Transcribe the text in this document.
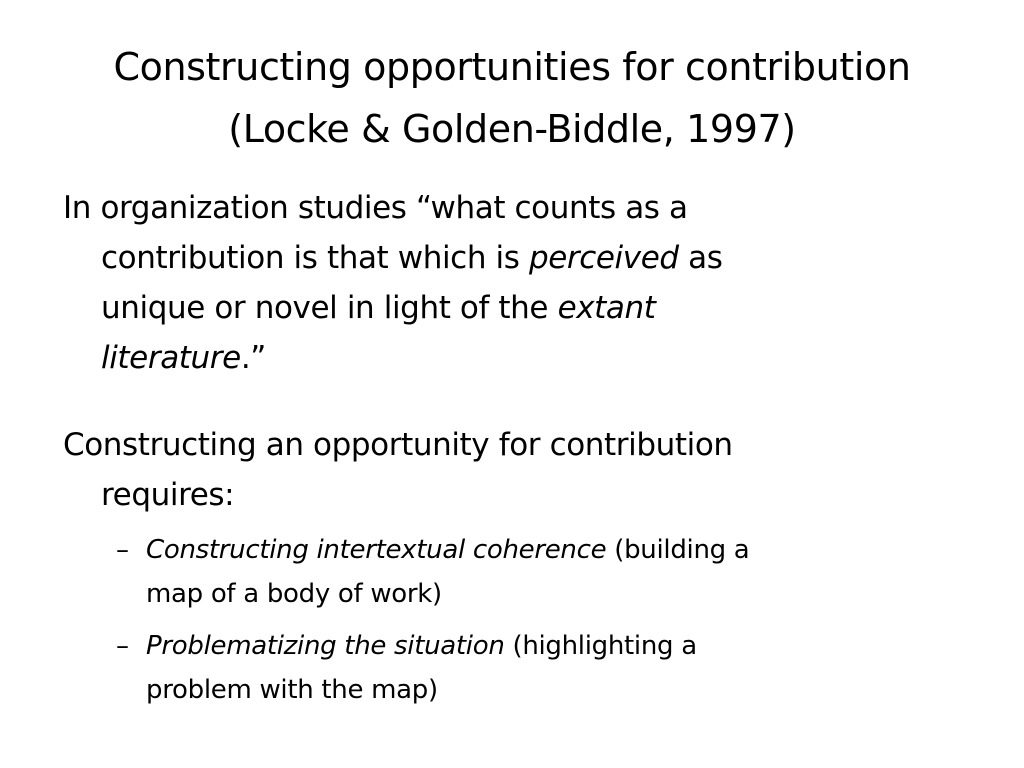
Constructing opportunities for contribution
(Locke & Golden-Biddle, 1997)

In organization studies “what counts as a
contribution is that which is perceived as
unique or novel in light of the extant
literature.”

Constructing an opportunity for contribution
requires:

– Constructing intertextual coherence (building a
map of a body of work)

– Problematizing the situation (highlighting a
problem with the map)
